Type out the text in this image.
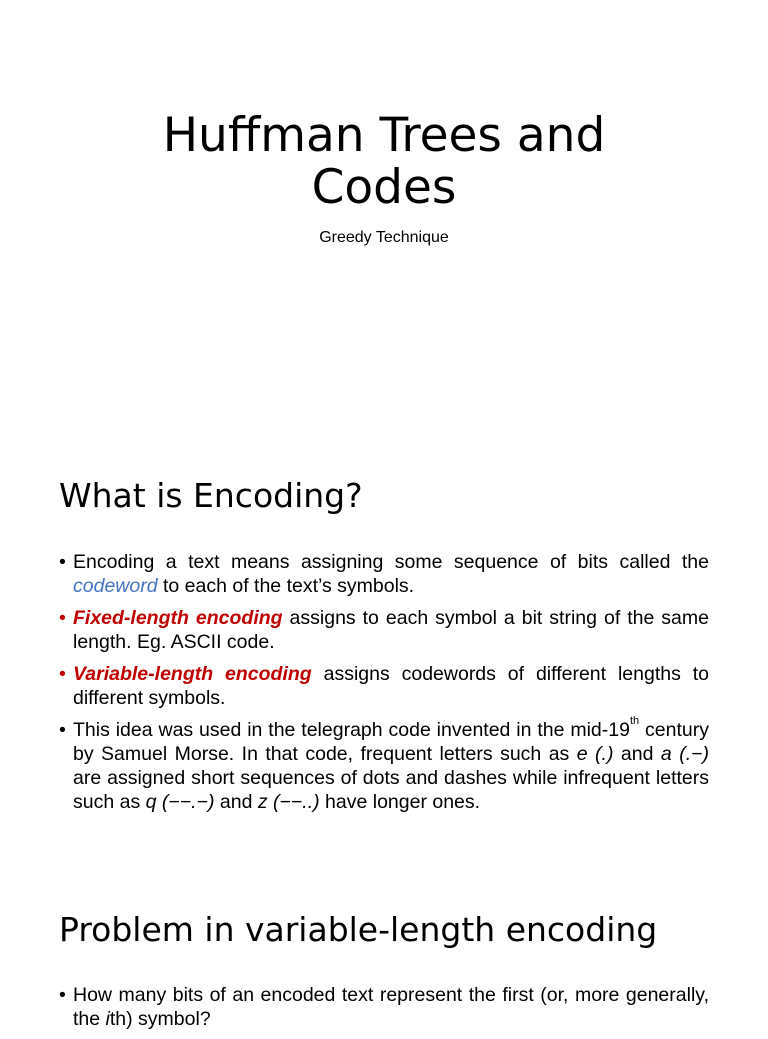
Huffman Trees and
Codes
Greedy Technique
What is Encoding?
• Encoding a text means assigning some sequence of bits called the codeword to each of the text’s symbols.
• Fixed-length encoding assigns to each symbol a bit string of the same length. Eg. ASCII code.
• Variable-length encoding assigns codewords of different lengths to different symbols.
• This idea was used in the telegraph code invented in the mid-19th century by Samuel Morse. In that code, frequent letters such as e (.) and a (.−) are assigned short sequences of dots and dashes while infrequent letters such as q (−−.−) and z (−−..) have longer ones.
Problem in variable-length encoding
• How many bits of an encoded text represent the first (or, more generally, the ith) symbol?
